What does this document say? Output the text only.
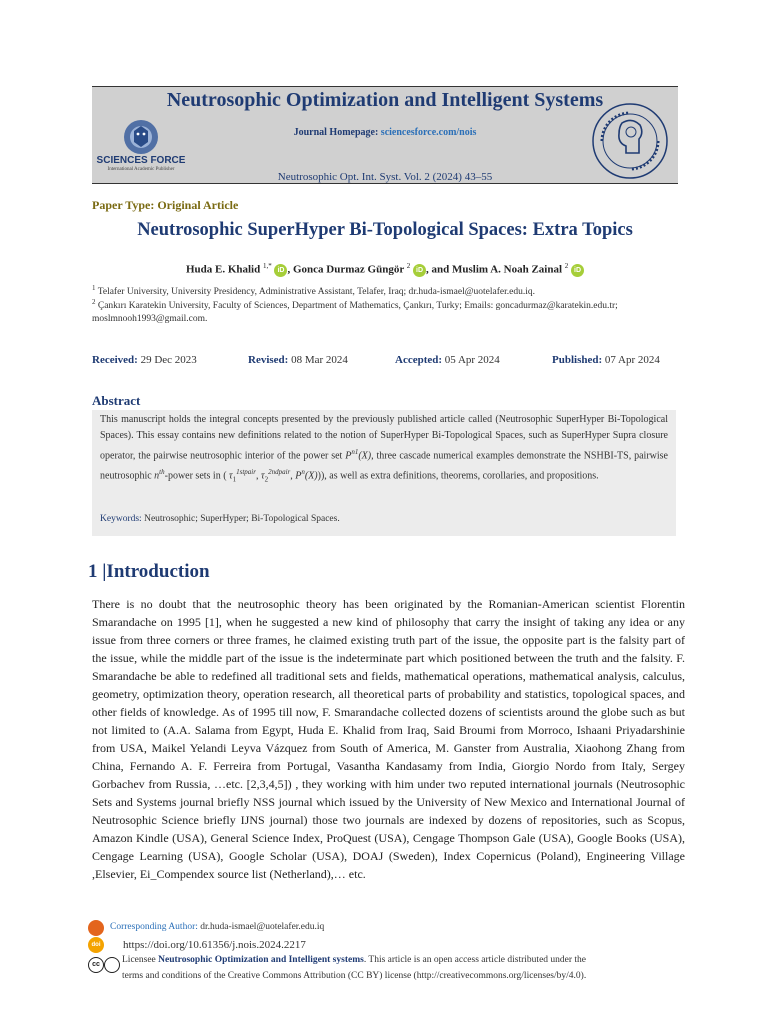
Neutrosophic Optimization and Intelligent Systems
Journal Homepage: sciencesforce.com/nois
Neutrosophic Opt. Int. Syst. Vol. 2 (2024) 43–55
SCIENCES FORCE
International Academic Publisher
Paper Type: Original Article
Neutrosophic SuperHyper Bi-Topological Spaces: Extra Topics
Huda E. Khalid $^{1,*}$ iD , Gonca Durmaz Güngör $^2$ iD , and Muslim A. Noah Zainal $^2$ iD
$^1$ Telafer University, University Presidency, Administrative Assistant, Telafer, Iraq; dr.huda-ismael@uotelafer.edu.iq.
$^2$ Çankırı Karatekin University, Faculty of Sciences, Department of Mathematics, Çankırı, Turky; Emails: goncadurmaz@karatekin.edu.tr; moslmnooh1993@gmail.com.
Received: 29 Dec 2023	Revised: 08 Mar 2024	Accepted: 05 Apr 2024	Published: 07 Apr 2024
Abstract
This manuscript holds the integral concepts presented by the previously published article called (Neutrosophic SuperHyper Bi-Topological Spaces). This essay contains new definitions related to the notion of SuperHyper Bi-Topological Spaces, such as SuperHyper Supra closure operator, the pairwise neutrosophic interior of the power set $P^{n1}(X)$, three cascade numerical examples demonstrate the NSHBI-TS, pairwise neutrosophic $n^{th}$-power sets in ( $\tau_1^{1stpair}$, $\tau_2^{2ndpair}$, $P^n(X)$)), as well as extra definitions, theorems, corollaries, and propositions.
Keywords: Neutrosophic; SuperHyper; Bi-Topological Spaces.
1 |Introduction
There is no doubt that the neutrosophic theory has been originated by the Romanian-American scientist Florentin Smarandache on 1995 [1], when he suggested a new kind of philosophy that carry the insight of taking any idea or any issue from three corners or three frames, he claimed existing truth part of the issue, the opposite part is the falsity part of the issue, while the middle part of the issue is the indeterminate part which positioned between the truth and the falsity. F. Smarandache be able to redefined all traditional sets and fields, mathematical operations, mathematical analysis, calculus, geometry, optimization theory, operation research, all theoretical parts of probability and statistics, topological spaces, and other fields of knowledge. As of 1995 till now, F. Smarandache collected dozens of scientists around the globe such as but not limited to (A.A. Salama from Egypt, Huda E. Khalid from Iraq, Said Broumi from Morroco, Ishaani Priyadarshinie from USA, Maikel Yelandi Leyva Vázquez from South of America, M. Ganster from Australia, Xiaohong Zhang from China, Fernando A. F. Ferreira from Portugal, Vasantha Kandasamy from India, Giorgio Nordo from Italy, Sergey Gorbachev from Russia, …etc. [2,3,4,5]) , they working with him under two reputed international journals (Neutrosophic Sets and Systems journal briefly NSS journal which issued by the University of New Mexico and International Journal of Neutrosophic Science briefly IJNS journal) those two journals are indexed by dozens of repositories, such as Scopus, Amazon Kindle (USA), General Science Index, ProQuest (USA), Cengage Thompson Gale (USA), Google Books (USA), Cengage Learning (USA), Google Scholar (USA), DOAJ (Sweden), Index Copernicus (Poland), Engineering Village ,Elsevier, Ei_Compendex source list (Netherland),… etc.
Corresponding Author: dr.huda-ismael@uotelafer.edu.iq
doi	https://doi.org/10.61356/j.nois.2024.2217
cc	Licensee Neutrosophic Optimization and Intelligent systems. This article is an open access article distributed under the
terms and conditions of the Creative Commons Attribution (CC BY) license (http://creativecommons.org/licenses/by/4.0).
